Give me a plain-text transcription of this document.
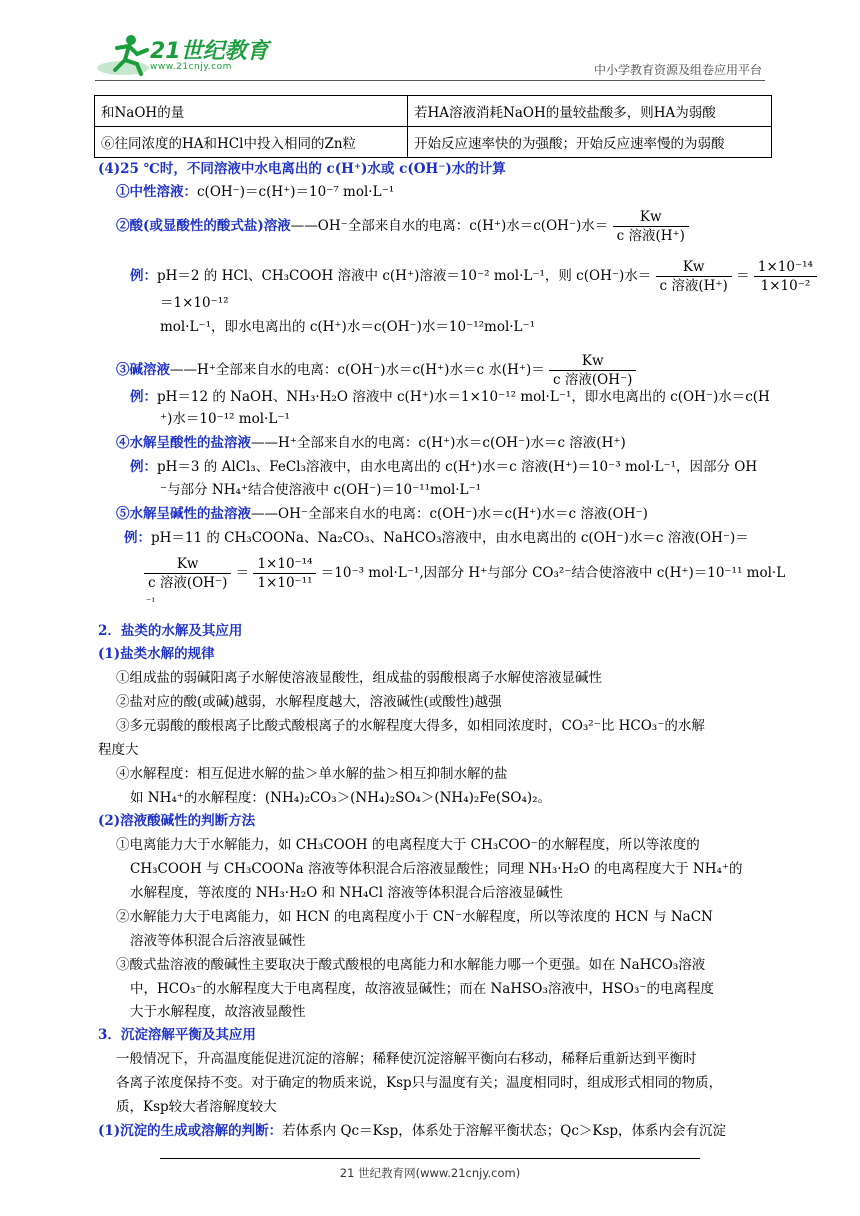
21世纪教育
www.21cnjy.com	中小学教育资源及组卷应用平台
和NaOH的量	若HA溶液消耗NaOH的量较盐酸多，则HA为弱酸
⑥往同浓度的HA和HCl中投入相同的Zn粒	开始反应速率快的为强酸；开始反应速率慢的为弱酸
(4)25 ℃时，不同溶液中水电离出的 c(H⁺)水或 c(OH⁻)水的计算
①中性溶液：c(OH⁻)＝c(H⁺)＝10⁻⁷ mol·L⁻¹
②酸(或显酸性的酸式盐)溶液——OH⁻全部来自水的电离：c(H⁺)水＝c(OH⁻)水＝ $\frac{Kw}{\text{c 溶液(H⁺)}}$
例：pH＝2 的 HCl、CH₃COOH 溶液中 c(H⁺)溶液＝10⁻² mol·L⁻¹，则 c(OH⁻)水＝ $\frac{Kw}{\text{c 溶液(H⁺)}} = \frac{\text{1×10⁻¹⁴}}{\text{1×10⁻²}}$
＝1×10⁻¹²
mol·L⁻¹，即水电离出的 c(H⁺)水＝c(OH⁻)水＝10⁻¹²mol·L⁻¹
③碱溶液——H⁺全部来自水的电离：c(OH⁻)水＝c(H⁺)水＝c 水$(H^+)= \frac{Kw}{\text{c 溶液(OH⁻)}}$
例：pH＝12 的 NaOH、NH₃·H₂O 溶液中 c(H⁺)水＝1×10⁻¹² mol·L⁻¹，即水电离出的 c(OH⁻)水＝c(H
⁺)水＝10⁻¹² mol·L⁻¹
④水解呈酸性的盐溶液——H⁺全部来自水的电离：c(H⁺)水＝c(OH⁻)水＝c 溶液(H⁺)
例：pH＝3 的 AlCl₃、FeCl₃溶液中，由水电离出的 c(H⁺)水＝c 溶液(H⁺)＝10⁻³ mol·L⁻¹，因部分 OH
⁻与部分 NH₄⁺结合使溶液中 c(OH⁻)＝10⁻¹¹mol·L⁻¹
⑤水解呈碱性的盐溶液——OH⁻全部来自水的电离：c(OH⁻)水＝c(H⁺)水＝c 溶液(OH⁻)
例：pH＝11 的 CH₃COONa、Na₂CO₃、NaHCO₃溶液中，由水电离出的 c(OH⁻)水＝c 溶液(OH⁻)＝
$\frac{Kw}{\text{c 溶液(OH⁻)}} = \frac{\text{1×10⁻¹⁴}}{\text{1×10⁻¹¹}} =10^{-3}$ mol·L⁻¹,因部分 H⁺与部分 CO₃²⁻结合使溶液中 c(H⁺)＝10⁻¹¹ mol·L
⁻¹
2．盐类的水解及其应用
(1)盐类水解的规律
①组成盐的弱碱阳离子水解使溶液显酸性，组成盐的弱酸根离子水解使溶液显碱性
②盐对应的酸(或碱)越弱，水解程度越大，溶液碱性(或酸性)越强
③多元弱酸的酸根离子比酸式酸根离子的水解程度大得多，如相同浓度时，CO₃²⁻比 HCO₃⁻的水解
程度大
④水解程度：相互促进水解的盐＞单水解的盐＞相互抑制水解的盐
如 NH₄⁺的水解程度：(NH₄)₂CO₃＞(NH₄)₂SO₄＞(NH₄)₂Fe(SO₄)₂。
(2)溶液酸碱性的判断方法
①电离能力大于水解能力，如 CH₃COOH 的电离程度大于 CH₃COO⁻的水解程度，所以等浓度的
CH₃COOH 与 CH₃COONa 溶液等体积混合后溶液显酸性；同理 NH₃·H₂O 的电离程度大于 NH₄⁺的
水解程度，等浓度的 NH₃·H₂O 和 NH₄Cl 溶液等体积混合后溶液显碱性
②水解能力大于电离能力，如 HCN 的电离程度小于 CN⁻水解程度，所以等浓度的 HCN 与 NaCN
溶液等体积混合后溶液显碱性
③酸式盐溶液的酸碱性主要取决于酸式酸根的电离能力和水解能力哪一个更强。如在 NaHCO₃溶液
中，HCO₃⁻的水解程度大于电离程度，故溶液显碱性；而在 NaHSO₃溶液中，HSO₃⁻的电离程度
大于水解程度，故溶液显酸性
3．沉淀溶解平衡及其应用
一般情况下，升高温度能促进沉淀的溶解；稀释使沉淀溶解平衡向右移动，稀释后重新达到平衡时
各离子浓度保持不变。对于确定的物质来说，Ksp只与温度有关；温度相同时，组成形式相同的物质，
质，Ksp较大者溶解度较大
(1)沉淀的生成或溶解的判断：若体系内 Qc＝Ksp，体系处于溶解平衡状态；Qc＞Ksp，体系内会有沉淀
21 世纪教育网(www.21cnjy.com)
